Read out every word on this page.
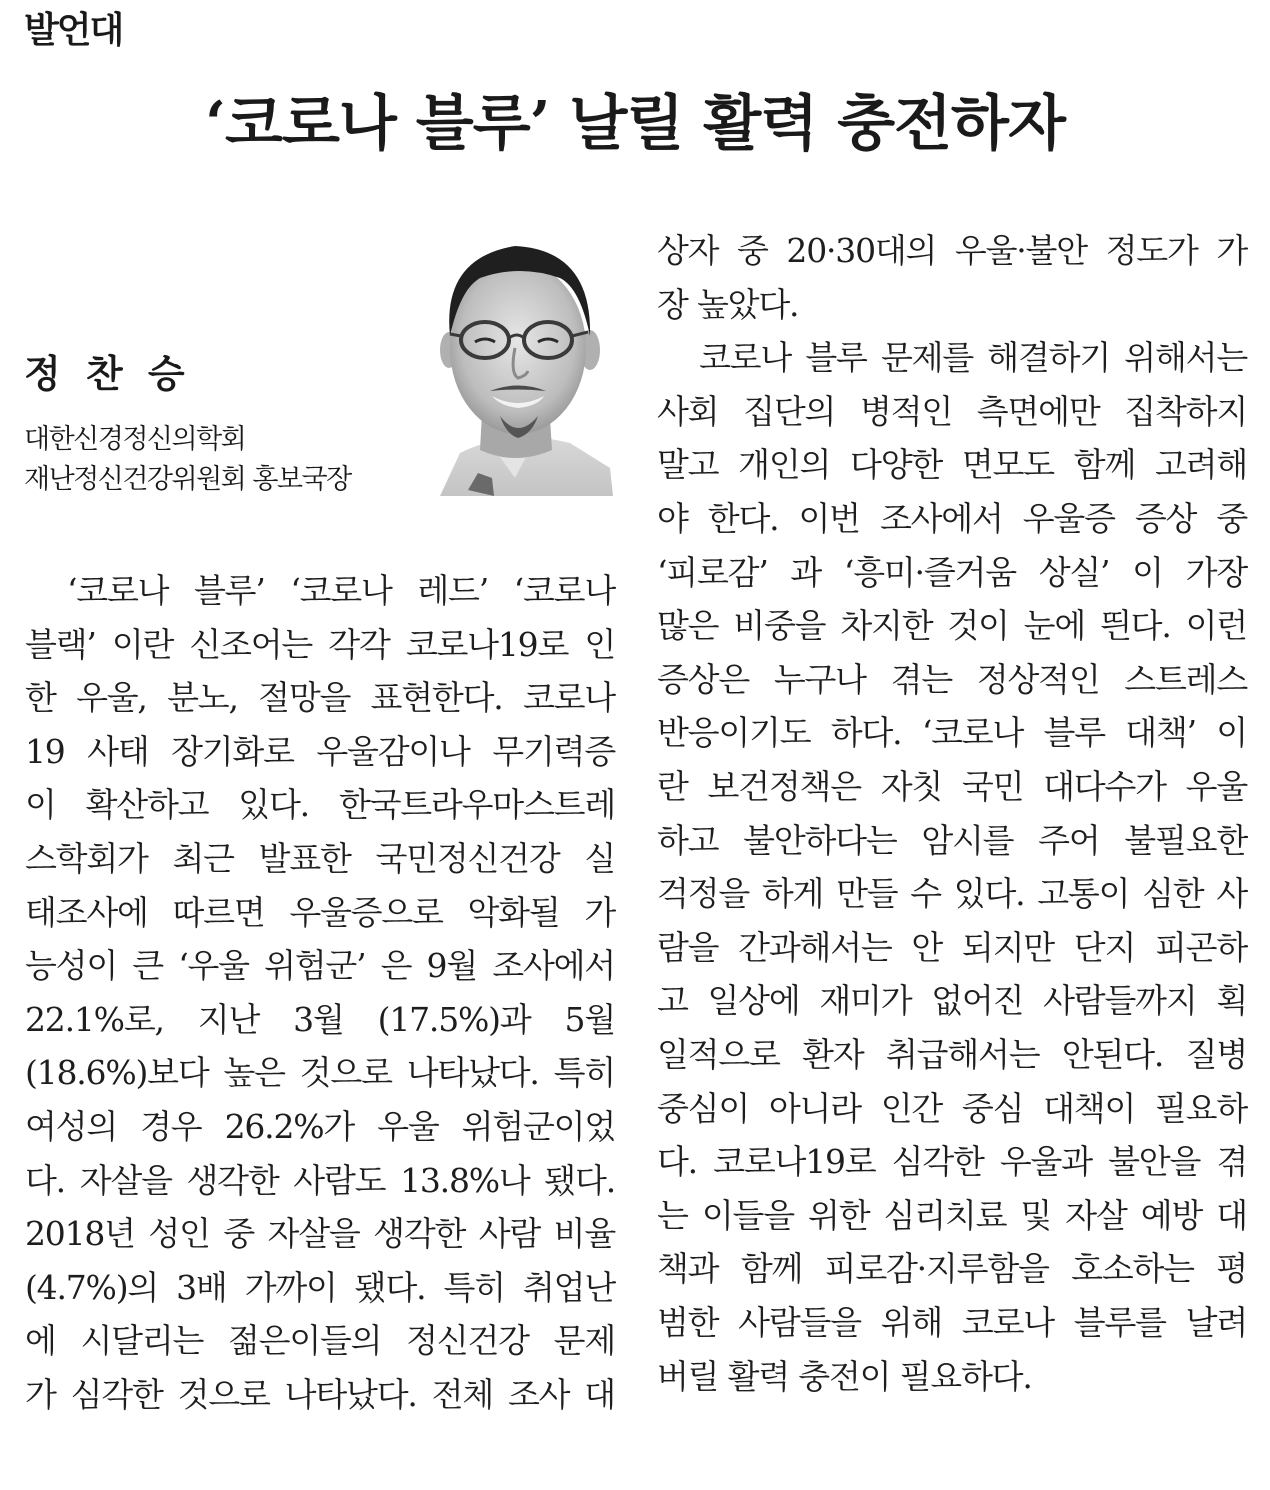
발언대
‘코로나 블루’ 날릴 활력 충전하자
정 찬 승
대한신경정신의학회
재난정신건강위원회 홍보국장
‘코로나 블루’ ‘코로나 레드’ ‘코로나
블랙’ 이란 신조어는 각각 코로나19로 인
한 우울, 분노, 절망을 표현한다. 코로나
19 사태 장기화로 우울감이나 무기력증
이 확산하고 있다. 한국트라우마스트레
스학회가 최근 발표한 국민정신건강 실
태조사에 따르면 우울증으로 악화될 가
능성이 큰 ‘우울 위험군’ 은 9월 조사에서
22.1%로, 지난 3월 (17.5%)과 5월
(18.6%)보다 높은 것으로 나타났다. 특히
여성의 경우 26.2%가 우울 위험군이었
다. 자살을 생각한 사람도 13.8%나 됐다.
2018년 성인 중 자살을 생각한 사람 비율
(4.7%)의 3배 가까이 됐다. 특히 취업난
에 시달리는 젊은이들의 정신건강 문제
가 심각한 것으로 나타났다. 전체 조사 대
상자 중 20·30대의 우울·불안 정도가 가
장 높았다.
코로나 블루 문제를 해결하기 위해서는
사회 집단의 병적인 측면에만 집착하지
말고 개인의 다양한 면모도 함께 고려해
야 한다. 이번 조사에서 우울증 증상 중
‘피로감’ 과 ‘흥미·즐거움 상실’ 이 가장
많은 비중을 차지한 것이 눈에 띈다. 이런
증상은 누구나 겪는 정상적인 스트레스
반응이기도 하다. ‘코로나 블루 대책’ 이
란 보건정책은 자칫 국민 대다수가 우울
하고 불안하다는 암시를 주어 불필요한
걱정을 하게 만들 수 있다. 고통이 심한 사
람을 간과해서는 안 되지만 단지 피곤하
고 일상에 재미가 없어진 사람들까지 획
일적으로 환자 취급해서는 안된다. 질병
중심이 아니라 인간 중심 대책이 필요하
다. 코로나19로 심각한 우울과 불안을 겪
는 이들을 위한 심리치료 및 자살 예방 대
책과 함께 피로감·지루함을 호소하는 평
범한 사람들을 위해 코로나 블루를 날려
버릴 활력 충전이 필요하다.
